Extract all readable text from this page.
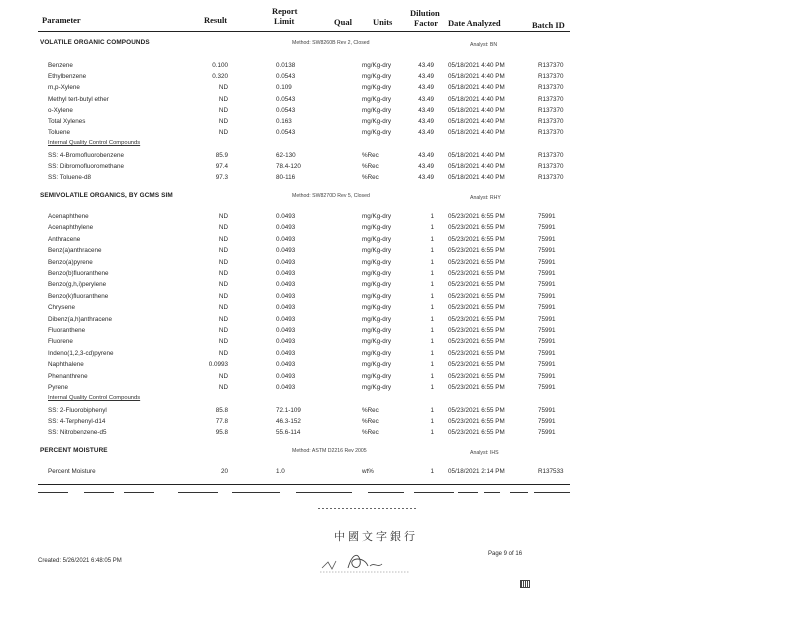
Parameter	Result
Report
Limit	Qual Units
Dilution
Factor Date Analyzed	Batch ID
VOLATILE ORGANIC COMPOUNDS	Method: SW8260B Rev 2, Closed	Analyst: BN
Benzene	0.100	0.0138	mg/Kg-dry	43.49 05/18/2021 4:40 PM	R137370
Ethylbenzene	0.320	0.0543	mg/Kg-dry	43.49 05/18/2021 4:40 PM	R137370
m,p-Xylene	ND	0.109	mg/Kg-dry	43.49 05/18/2021 4:40 PM	R137370
Methyl tert-butyl ether	ND	0.0543	mg/Kg-dry	43.49 05/18/2021 4:40 PM	R137370
o-Xylene	ND	0.0543	mg/Kg-dry	43.49 05/18/2021 4:40 PM	R137370
Total Xylenes	ND	0.163	mg/Kg-dry	43.49 05/18/2021 4:40 PM	R137370
Toluene	ND	0.0543	mg/Kg-dry	43.49 05/18/2021 4:40 PM	R137370
Internal Quality Control Compounds
SS: 4-Bromofluorobenzene	85.9	62-130	%Rec	43.49 05/18/2021 4:40 PM	R137370
SS: Dibromofluoromethane	97.4	78.4-120	%Rec	43.49 05/18/2021 4:40 PM	R137370
SS: Toluene-d8	97.3	80-116	%Rec	43.49 05/18/2021 4:40 PM	R137370
SEMIVOLATILE ORGANICS, BY GCMS SIM	Method: SW8270D Rev 5, Closed	Analyst: RHY
Acenaphthene	ND	0.0493	mg/Kg-dry	1 05/23/2021 6:55 PM	75991
Acenaphthylene	ND	0.0493	mg/Kg-dry	1 05/23/2021 6:55 PM	75991
Anthracene	ND	0.0493	mg/Kg-dry	1 05/23/2021 6:55 PM	75991
Benz(a)anthracene	ND	0.0493	mg/Kg-dry	1 05/23/2021 6:55 PM	75991
Benzo(a)pyrene	ND	0.0493	mg/Kg-dry	1 05/23/2021 6:55 PM	75991
Benzo(b)fluoranthene	ND	0.0493	mg/Kg-dry	1 05/23/2021 6:55 PM	75991
Benzo(g,h,i)perylene	ND	0.0493	mg/Kg-dry	1 05/23/2021 6:55 PM	75991
Benzo(k)fluoranthene	ND	0.0493	mg/Kg-dry	1 05/23/2021 6:55 PM	75991
Chrysene	ND	0.0493	mg/Kg-dry	1 05/23/2021 6:55 PM	75991
Dibenz(a,h)anthracene	ND	0.0493	mg/Kg-dry	1 05/23/2021 6:55 PM	75991
Fluoranthene	ND	0.0493	mg/Kg-dry	1 05/23/2021 6:55 PM	75991
Fluorene	ND	0.0493	mg/Kg-dry	1 05/23/2021 6:55 PM	75991
Indeno(1,2,3-cd)pyrene	ND	0.0493	mg/Kg-dry	1 05/23/2021 6:55 PM	75991
Naphthalene	0.0993	0.0493	mg/Kg-dry	1 05/23/2021 6:55 PM	75991
Phenanthrene	ND	0.0493	mg/Kg-dry	1 05/23/2021 6:55 PM	75991
Pyrene	ND	0.0493	mg/Kg-dry	1 05/23/2021 6:55 PM	75991
Internal Quality Control Compounds
SS: 2-Fluorobiphenyl	85.8	72.1-109	%Rec	1 05/23/2021 6:55 PM	75991
SS: 4-Terphenyl-d14	77.8	46.3-152	%Rec	1 05/23/2021 6:55 PM	75991
SS: Nitrobenzene-d5	95.8	55.6-114	%Rec	1 05/23/2021 6:55 PM	75991
PERCENT MOISTURE	Method: ASTM D2216 Rev 2005	Analyst: IHS
Percent Moisture	20	1.0	wt%	1 05/18/2021 2:14 PM	R137533
中國文字銀行
Created: 5/26/2021 6:48:05 PM
Page 9 of 16
